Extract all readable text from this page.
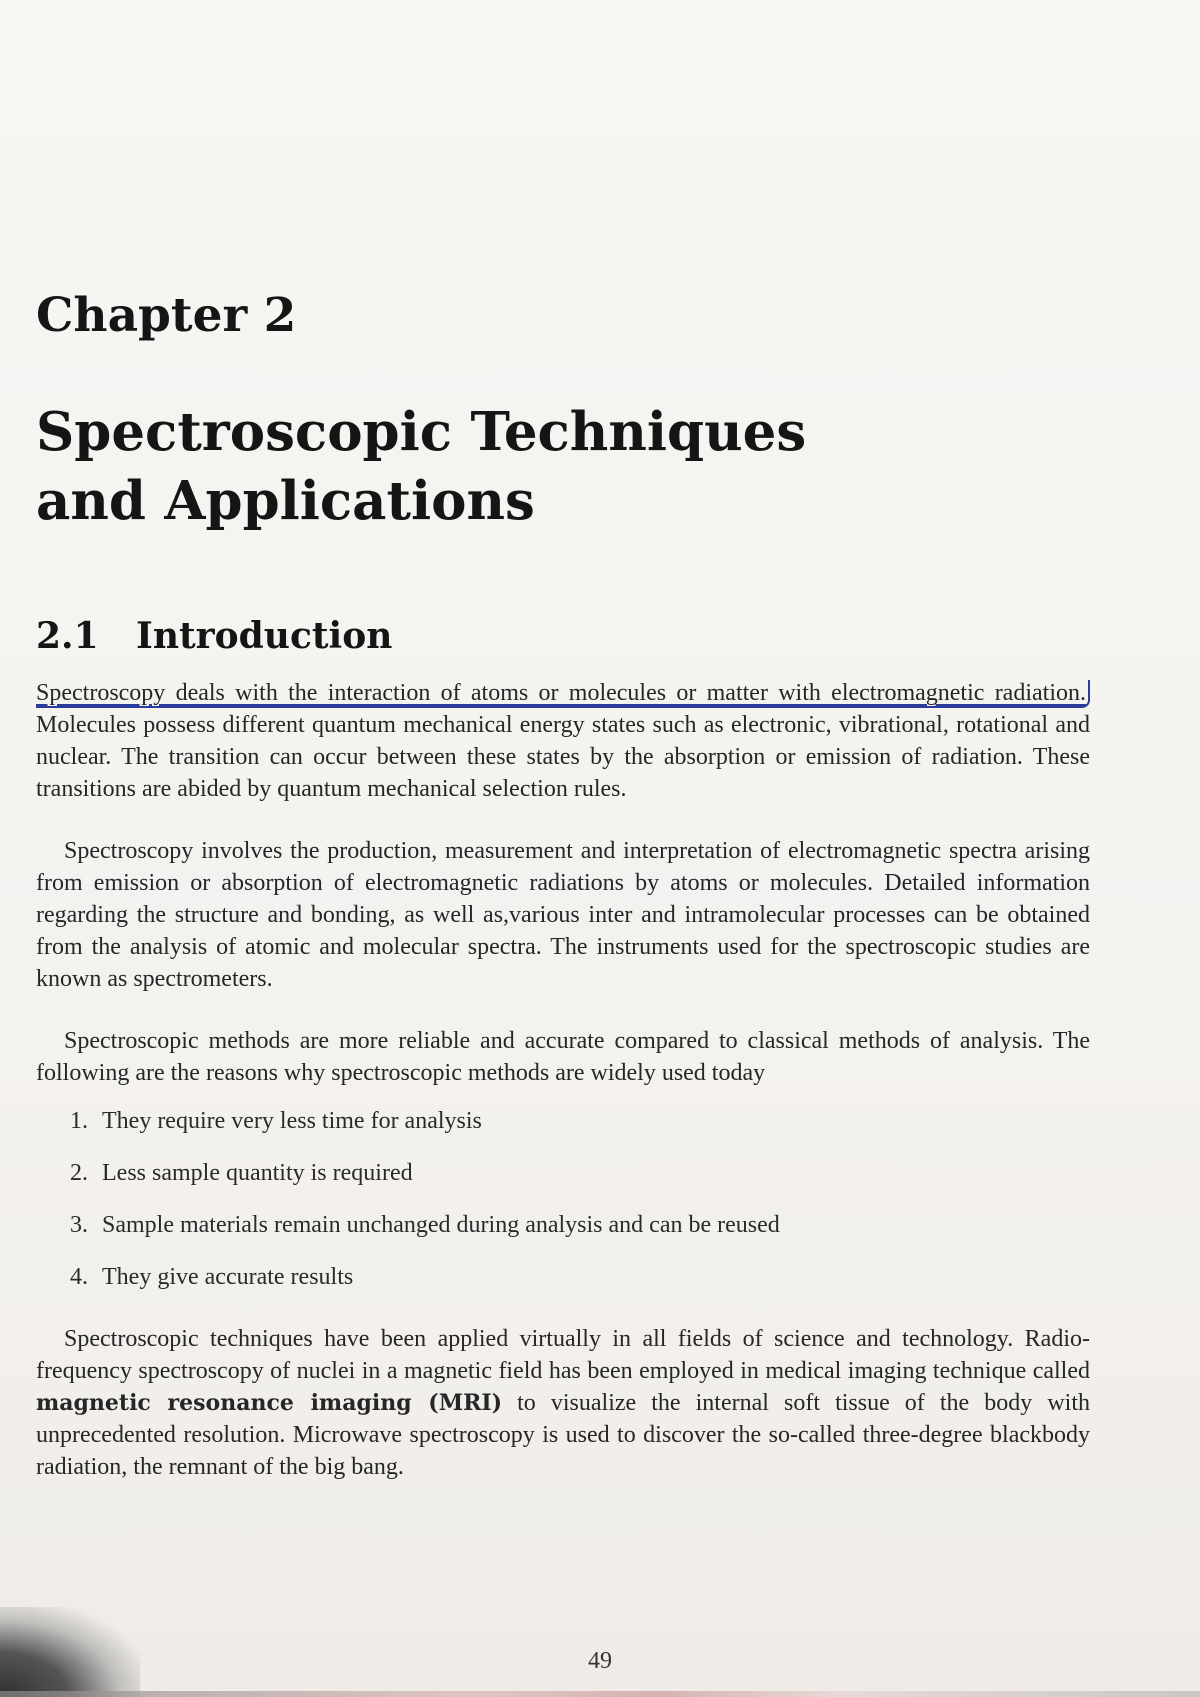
Chapter 2
Spectroscopic Techniques and Applications
2.1 Introduction

Spectroscopy deals with the interaction of atoms or molecules or matter with electromagnetic radiation. Molecules possess different quantum mechanical energy states such as electronic, vibrational, rotational and nuclear. The transition can occur between these states by the absorption or emission of radiation. These transitions are abided by quantum mechanical selection rules.

Spectroscopy involves the production, measurement and interpretation of electromagnetic spectra arising from emission or absorption of electromagnetic radiations by atoms or molecules. Detailed information regarding the structure and bonding, as well as,various inter and intramolecular processes can be obtained from the analysis of atomic and molecular spectra. The instruments used for the spectroscopic studies are known as spectrometers.

Spectroscopic methods are more reliable and accurate compared to classical methods of analysis. The following are the reasons why spectroscopic methods are widely used today

1. They require very less time for analysis
2. Less sample quantity is required
3. Sample materials remain unchanged during analysis and can be reused
4. They give accurate results

Spectroscopic techniques have been applied virtually in all fields of science and technology. Radio-frequency spectroscopy of nuclei in a magnetic field has been employed in medical imaging technique called magnetic resonance imaging (MRI) to visualize the internal soft tissue of the body with unprecedented resolution. Microwave spectroscopy is used to discover the so-called three-degree blackbody radiation, the remnant of the big bang.

49
